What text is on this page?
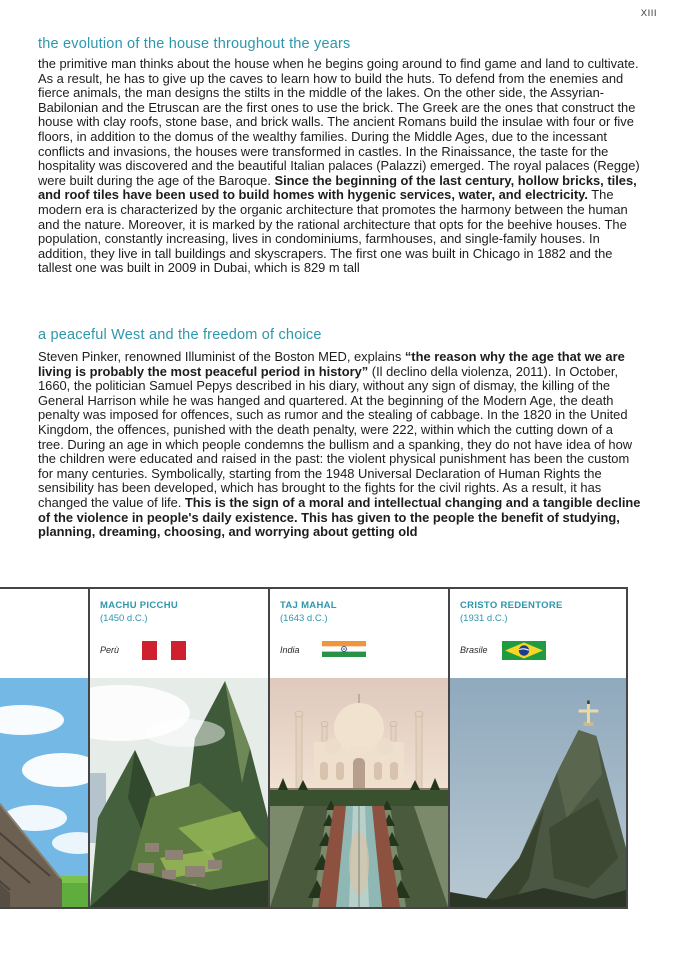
XIII
the evolution of the house throughout the years

the primitive man thinks about the house when he begins going around to find game and land to cultivate. As a result, he has to give up the caves to learn how to build the huts. To defend from the enemies and fierce animals, the man designs the stilts in the middle of the lakes. On the other side, the Assyrian-Babilonian and the Etruscan are the first ones to use the brick. The Greek are the ones that construct the house with clay roofs, stone base, and brick walls. The ancient Romans build the insulae with four or five floors, in addition to the domus of the wealthy families. During the Middle Ages, due to the incessant conflicts and invasions, the houses were transformed in castles. In the Rinaissance, the taste for the hospitality was discovered and the beautiful Italian palaces (Palazzi) emerged. The royal palaces (Regge) were built during the age of the Baroque. Since the beginning of the last century, hollow bricks, tiles, and roof tiles have been used to build homes with hygenic services, water, and electricity. The modern era is characterized by the organic architecture that promotes the harmony between the human and the nature. Moreover, it is marked by the rational architecture that opts for the beehive houses. The population, constantly increasing, lives in condominiums, farmhouses, and single-family houses. In addition, they live in tall buildings and skyscrapers. The first one was built in Chicago in 1882 and the tallest one was built in 2009 in Dubai, which is 829 m tall

a peaceful West and the freedom of choice

Steven Pinker, renowned Illuminist of the Boston MED, explains “the reason why the age that we are living is probably the most peaceful period in history” (Il declino della violenza, 2011). In October, 1660, the politician Samuel Pepys described in his diary, without any sign of dismay, the killing of the General Harrison while he was hanged and quartered. At the beginning of the Modern Age, the death penalty was imposed for offences, such as rumor and the stealing of cabbage. In the 1820 in the United Kingdom, the offences, punished with the death penalty, were 222, within which the cutting down of a tree. During an age in which people condemns the bullism and a spanking, they do not have idea of how the children were educated and raised in the past: the violent physical punishment has been the custom for many centuries. Symbolically, starting from the 1948 Universal Declaration of Human Rights the sensibility has been developed, which has brought to the fights for the civil rights. As a result, it has changed the value of life. This is the sign of a moral and intellectual changing and a tangible decline of the violence in people's daily existence. This has given to the people the benefit of studying, planning, dreaming, choosing, and worrying about getting old

MACHU PICCHU
(1450 d.C.)
Perù
TAJ MAHAL
(1643 d.C.)
India
CRISTO REDENTORE
(1931 d.C.)
Brasile
